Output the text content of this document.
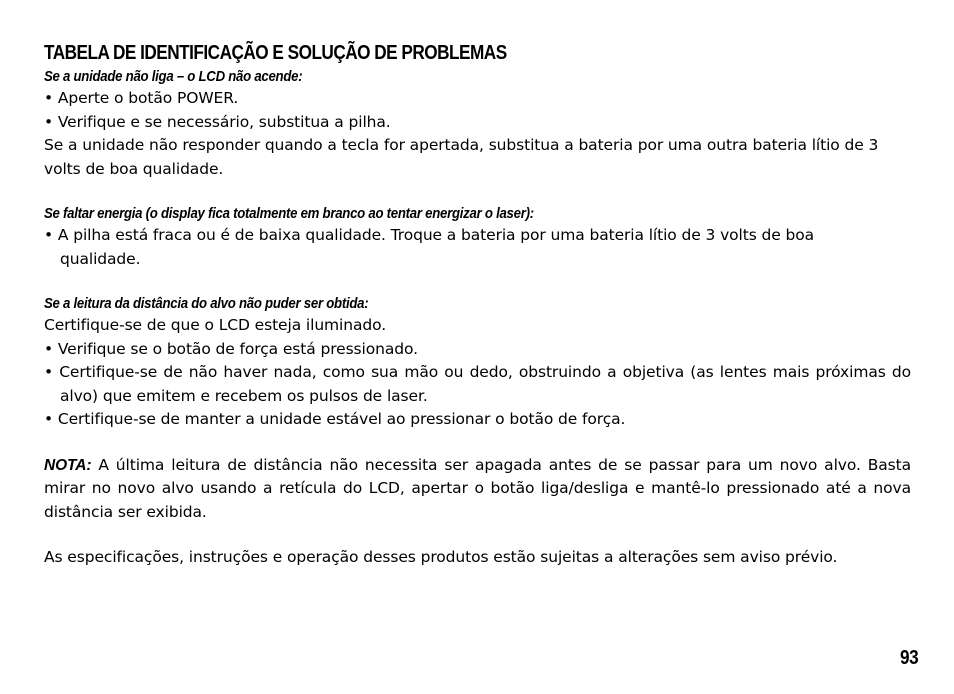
TABELA DE IDENTIFICAÇÃO E SOLUÇÃO DE PROBLEMAS

Se a unidade não liga – o LCD não acende:

• Aperte o botão POWER.

• Verifique e se necessário, substitua a pilha.

Se a unidade não responder quando a tecla for apertada, substitua a bateria por uma outra bateria lítio de 3 volts de boa qualidade.

Se faltar energia (o display fica totalmente em branco ao tentar energizar o laser):

• A pilha está fraca ou é de baixa qualidade. Troque a bateria por uma bateria lítio de 3 volts de boa qualidade.

Se a leitura da distância do alvo não puder ser obtida:

Certifique-se de que o LCD esteja iluminado.

• Verifique se o botão de força está pressionado.

• Certifique-se de não haver nada, como sua mão ou dedo, obstruindo a objetiva (as lentes mais próximas do alvo) que emitem e recebem os pulsos de laser.

• Certifique-se de manter a unidade estável ao pressionar o botão de força.

NOTA: A última leitura de distância não necessita ser apagada antes de se passar para um novo alvo. Basta mirar no novo alvo usando a retícula do LCD, apertar o botão liga/desliga e mantê-lo pressionado até a nova distância ser exibida.

As especificações, instruções e operação desses produtos estão sujeitas a alterações sem aviso prévio.

93
